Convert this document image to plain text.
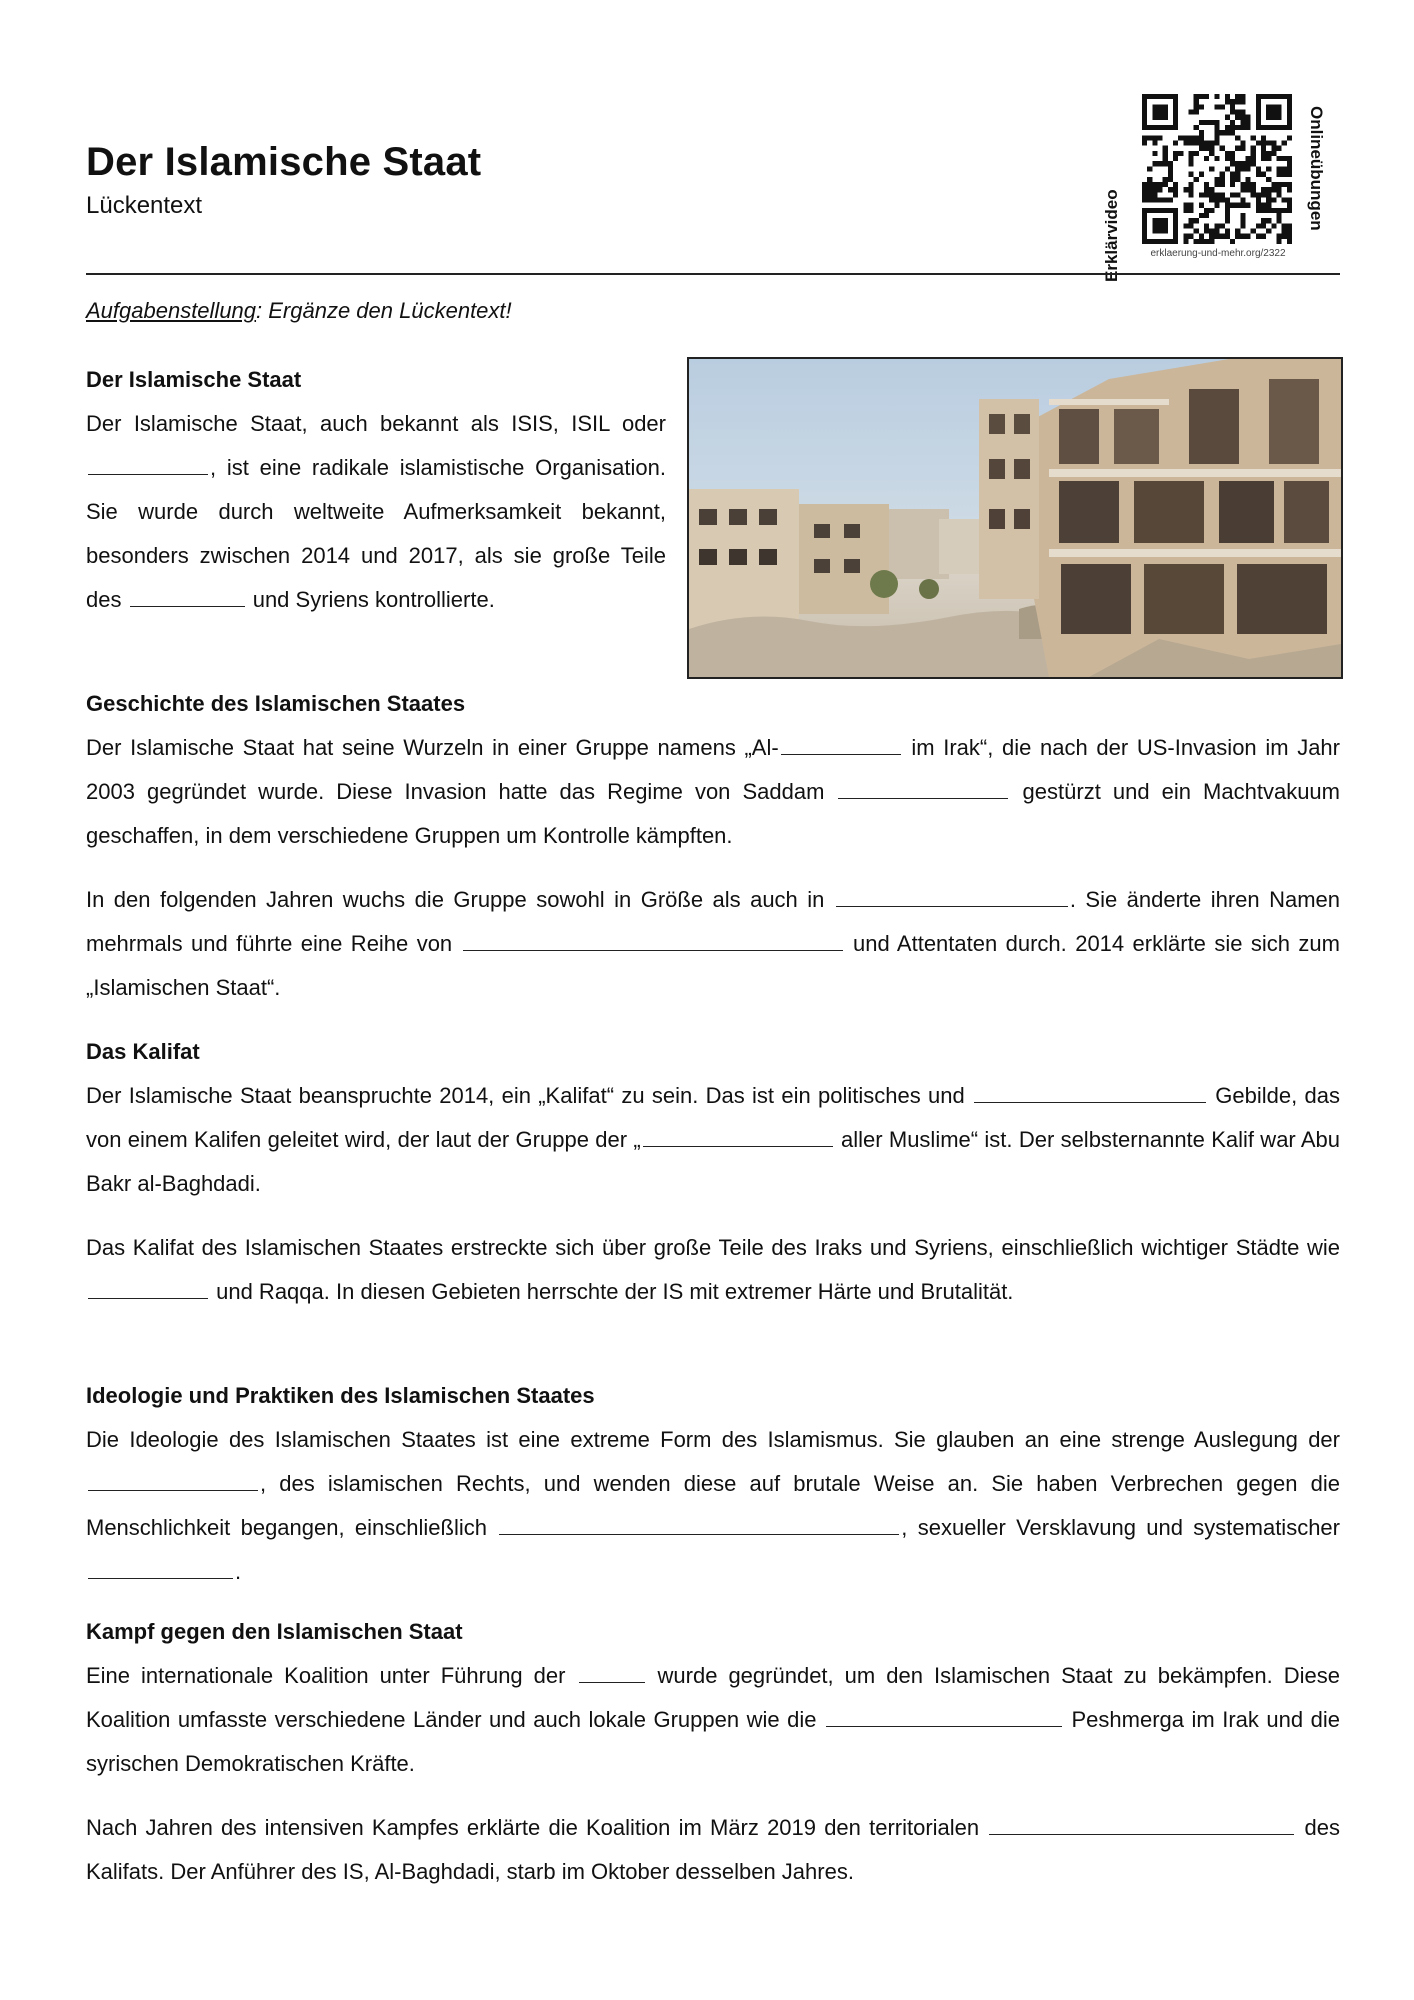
Der Islamische Staat
Lückentext	Erklärvideo
Onlineübungen
erklaerung-und-mehr.org/2322
Aufgabenstellung: Ergänze den Lückentext!
Der Islamische Staat

Der Islamische Staat, auch bekannt als ISIS, ISIL oder , ist eine radikale islamistische Organisation. Sie wurde durch weltweite Aufmerksamkeit bekannt, besonders zwischen 2014 und 2017, als sie große Teile des	und Syriens kontrollierte.

Geschichte des Islamischen Staates

Der Islamische Staat hat seine Wurzeln in einer Gruppe namens „Al-	im Irak“, die nach der US-Invasion im Jahr 2003 gegründet wurde. Diese Invasion hatte das Regime von Saddam	gestürzt und ein Machtvakuum geschaffen, in dem verschiedene Gruppen um Kontrolle kämpften.

In den folgenden Jahren wuchs die Gruppe sowohl in Größe als auch in	. Sie änderte ihren Namen mehrmals und führte eine Reihe von	und Attentaten durch. 2014 erklärte sie sich zum „Islamischen Staat“.

Das Kalifat

Der Islamische Staat beanspruchte 2014, ein „Kalifat“ zu sein. Das ist ein politisches und	Gebilde, das von einem Kalifen geleitet wird, der laut der Gruppe der „	aller Muslime“ ist. Der selbsternannte Kalif war Abu Bakr al-Baghdadi.

Das Kalifat des Islamischen Staates erstreckte sich über große Teile des Iraks und Syriens, einschließlich wichtiger Städte wie  und Raqqa. In diesen Gebieten herrschte der IS mit extremer Härte und Brutalität.

Ideologie und Praktiken des Islamischen Staates

Die Ideologie des Islamischen Staates ist eine extreme Form des Islamismus. Sie glauben an eine strenge Auslegung der , des islamischen Rechts, und wenden diese auf brutale Weise an. Sie haben Verbrechen gegen die Menschlichkeit begangen, einschließlich	, sexueller Versklavung und systematischer .

Kampf gegen den Islamischen Staat

Eine internationale Koalition unter Führung der	wurde gegründet, um den Islamischen Staat zu bekämpfen. Diese Koalition umfasste verschiedene Länder und auch lokale Gruppen wie die	Peshmerga im Irak und die syrischen Demokratischen Kräfte.

Nach Jahren des intensiven Kampfes erklärte die Koalition im März 2019 den territorialen	des Kalifats. Der Anführer des IS, Al-Baghdadi, starb im Oktober desselben Jahres.
